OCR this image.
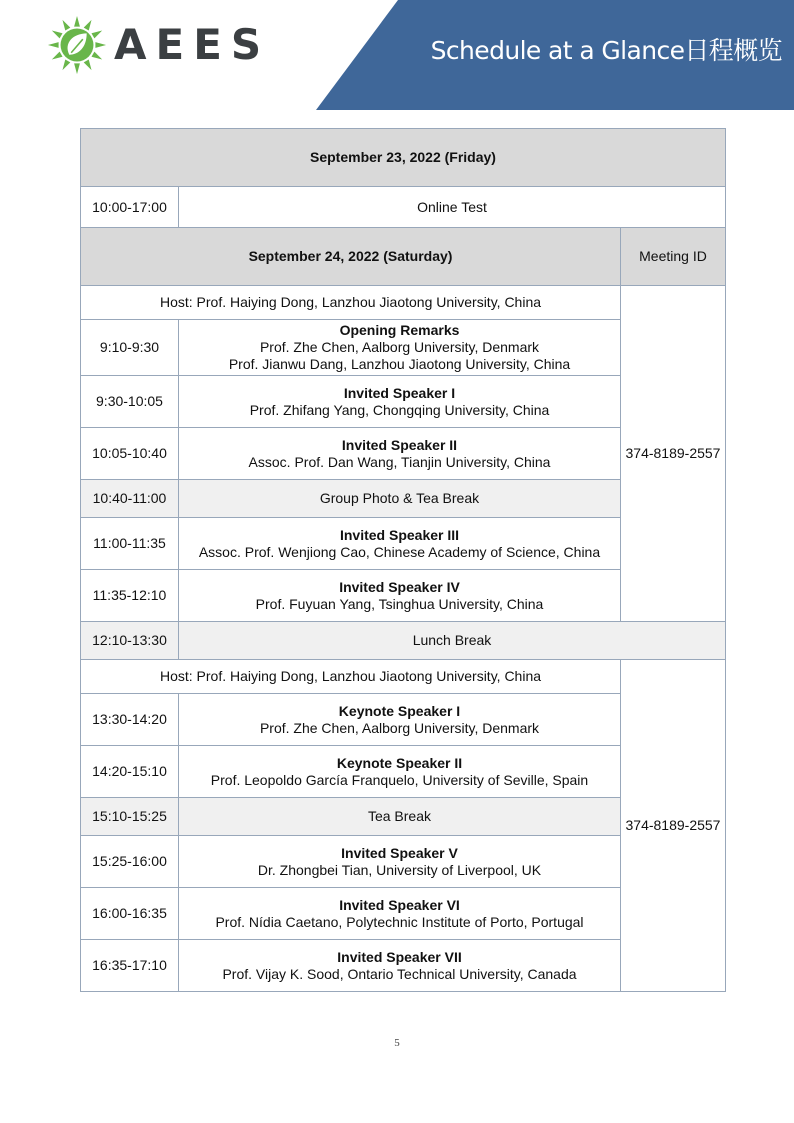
Schedule at a Glance日程概览
AEES
September 23, 2022 (Friday)		
10:00-17:00	Online Test	
September 24, 2022 (Saturday)		Meeting ID
Host: Prof. Haiying Dong, Lanzhou Jiaotong University, China		374-8189-2557
9:10-9:30	Opening Remarks
Prof. Zhe Chen, Aalborg University, Denmark
Prof. Jianwu Dang, Lanzhou Jiaotong University, China	

9:30-10:05	Invited Speaker I
Prof. Zhifang Yang, Chongqing University, China	

10:05-10:40	Invited Speaker II
Assoc. Prof. Dan Wang, Tianjin University, China	

10:40-11:00	Group Photo & Tea Break	
11:00-11:35	Invited Speaker III
Assoc. Prof. Wenjiong Cao, Chinese Academy of Science, China	

11:35-12:10	Invited Speaker IV
Prof. Fuyuan Yang, Tsinghua University, China	

12:10-13:30	Lunch Break	
Host: Prof. Haiying Dong, Lanzhou Jiaotong University, China		374-8189-2557
13:30-14:20	Keynote Speaker I
Prof. Zhe Chen, Aalborg University, Denmark	

14:20-15:10	Keynote Speaker II
Prof. Leopoldo García Franquelo, University of Seville, Spain	

15:10-15:25	Tea Break	
15:25-16:00	Invited Speaker V
Dr. Zhongbei Tian, University of Liverpool, UK	

16:00-16:35	Invited Speaker VI
Prof. Nídia Caetano, Polytechnic Institute of Porto, Portugal	

16:35-17:10	Invited Speaker VII
Prof. Vijay K. Sood, Ontario Technical University, Canada	
5
